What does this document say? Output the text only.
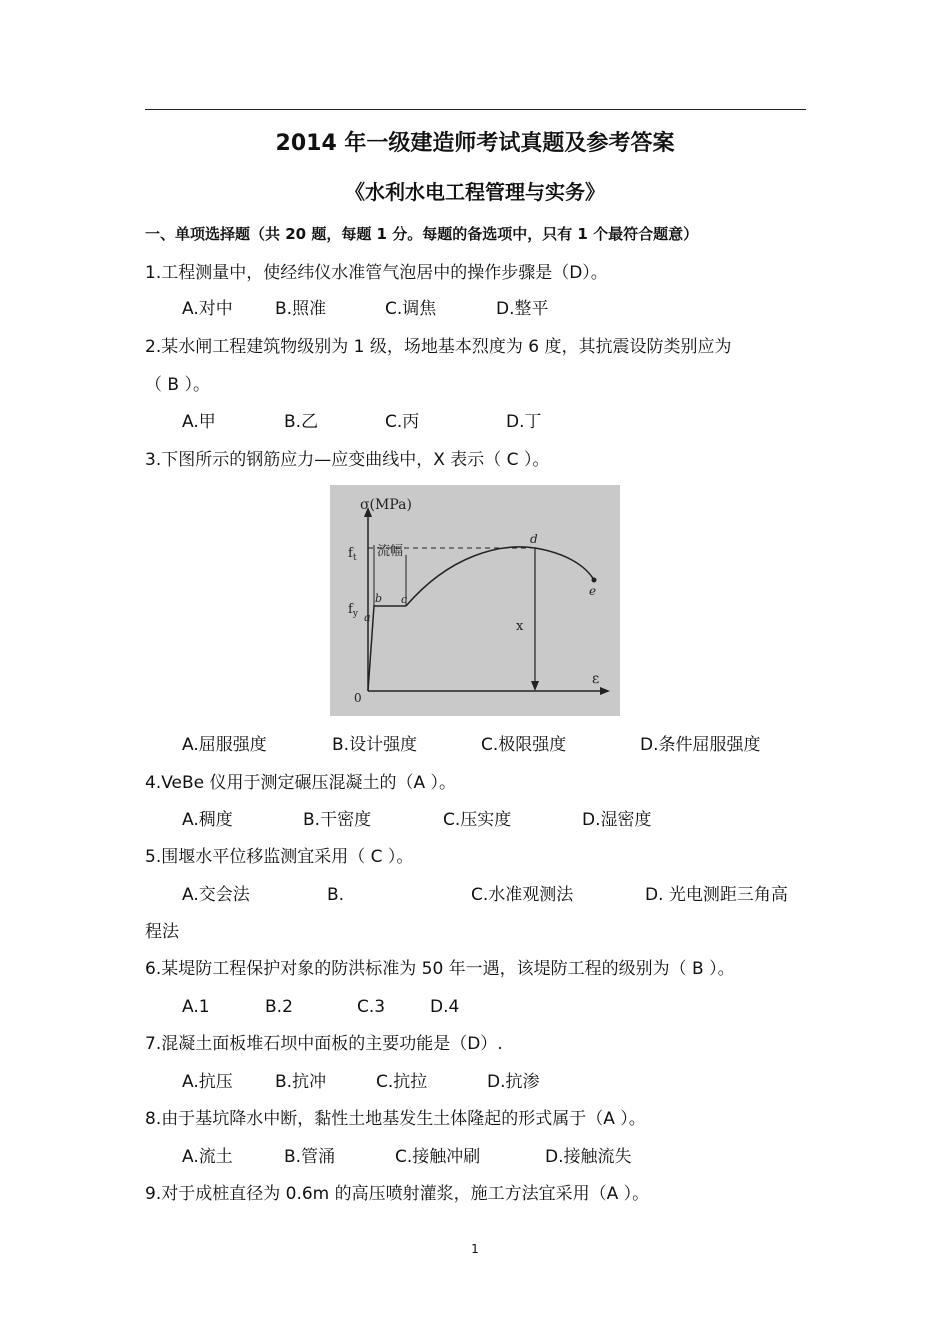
2014 年一级建造师考试真题及参考答案
《水利水电工程管理与实务》
一、单项选择题（共 20 题，每题 1 分。每题的备选项中，只有 1 个最符合题意）
1.工程测量中，使经纬仪水准管气泡居中的操作步骤是（D）。
A.对中 B.照准	C.调焦	D.整平
2.某水闸工程建筑物级别为 1 级，场地基本烈度为 6 度，其抗震设防类别应为
（ B ）。
A.甲	B.乙	C.丙	D.丁
3.下图所示的钢筋应力—应变曲线中，X 表示（ C ）。
σ(MPa)
ε
0
$f_t$
$f_y$
流幅
x
a
b c
d
e
A.屈服强度	B.设计强度	C.极限强度	D.条件屈服强度
4.VeBe 仪用于测定碾压混凝土的（A ）。
A.稠度	B.干密度	C.压实度	D.湿密度
5.围堰水平位移监测宜采用（ C ）。
A.交会法	B.	C.水准观测法	D. 光电测距三角高
程法
6.某堤防工程保护对象的防洪标准为 50 年一遇，该堤防工程的级别为（ B ）。
A.1	B.2	C.3	D.4
7.混凝土面板堆石坝中面板的主要功能是（D）.
A.抗压 B.抗冲	C.抗拉	D.抗渗
8.由于基坑降水中断，黏性土地基发生土体隆起的形式属于（A ）。
A.流土	B.管涌	C.接触冲刷	D.接触流失
9.对于成桩直径为 0.6m 的高压喷射灌浆，施工方法宜采用（A ）。
1
